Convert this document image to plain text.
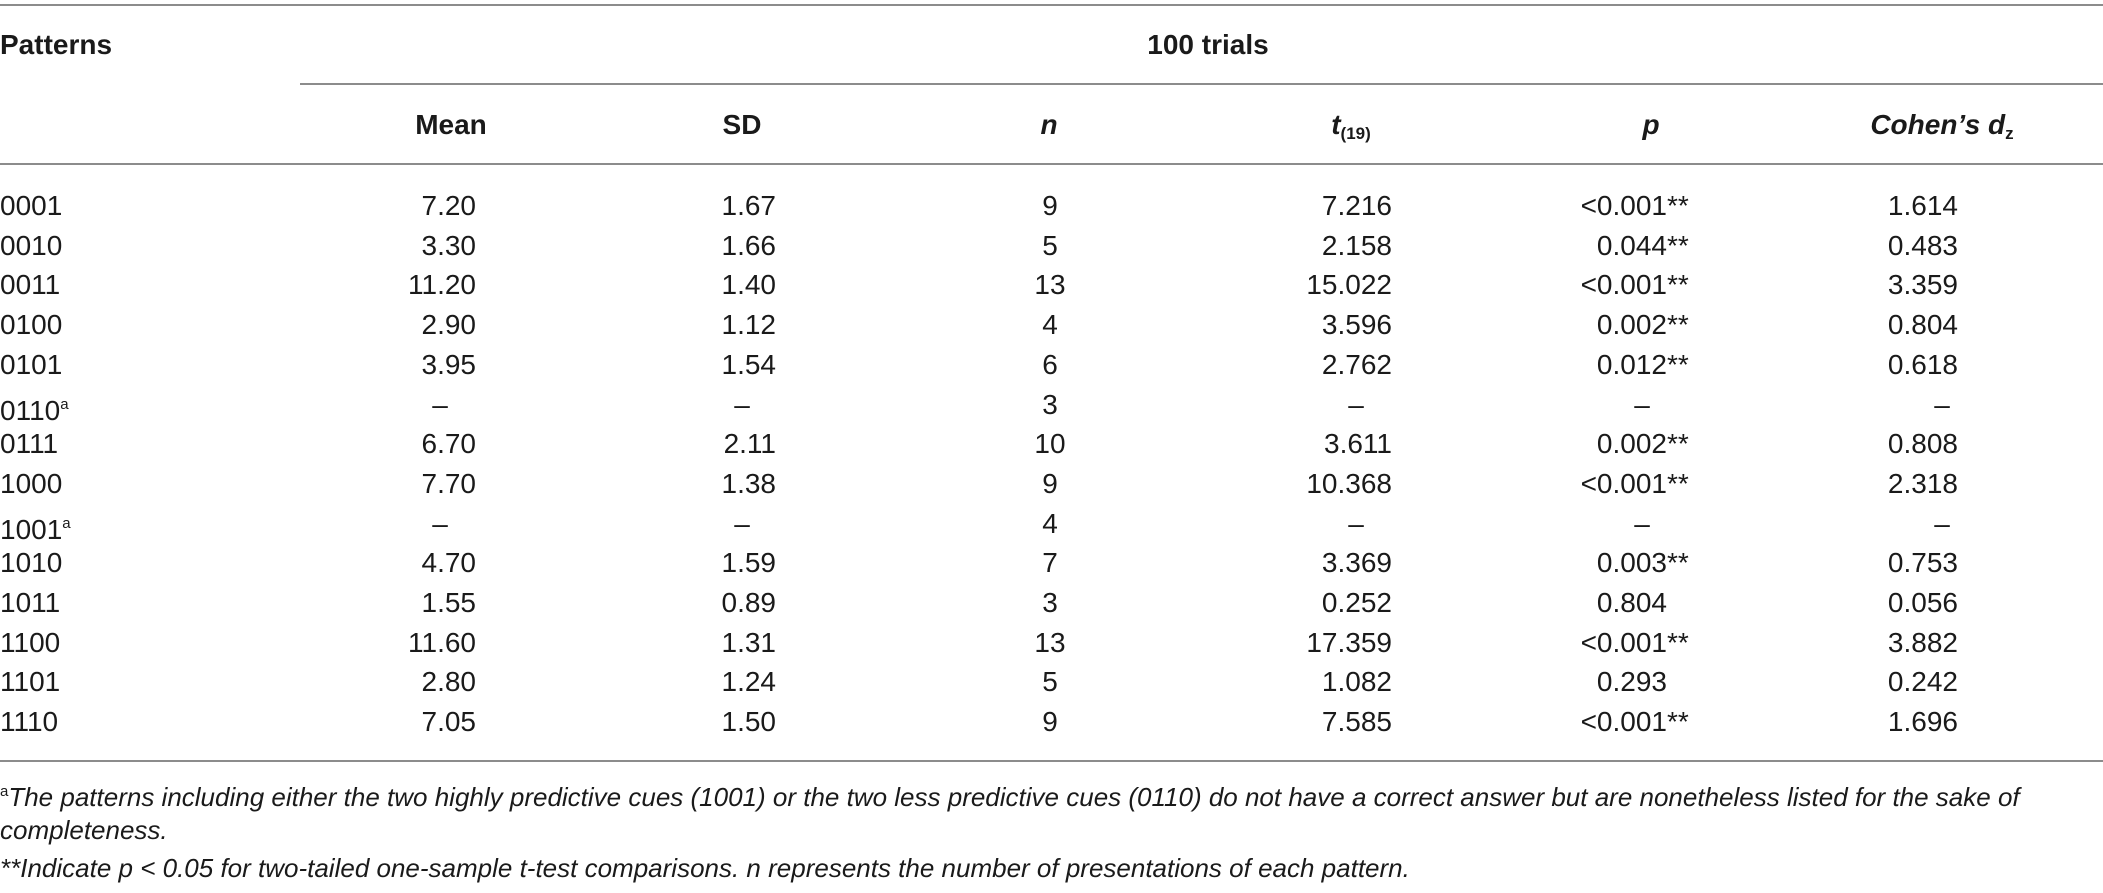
Patterns	100 trials
Mean	SD	n	$t_{(19)}$	p	Cohen’s $d_z$
0001	7.20	1.67	9	7.216	<0.001**	1.614
0010	3.30	1.66	5	2.158	0.044**	0.483
0011	11.20	1.40	13	15.022	<0.001**	3.359
0100	2.90	1.12	4	3.596	0.002**	0.804
0101	3.95	1.54	6	2.762	0.012**	0.618
0110$^a$	–	–	3	–	–	–
0111	6.70	2.11	10	3.611	0.002**	0.808
1000	7.70	1.38	9	10.368	<0.001**	2.318
1001$^a$	–	–	4	–	–	–
1010	4.70	1.59	7	3.369	0.003**	0.753
1011	1.55	0.89	3	0.252	0.804	0.056
1100	11.60	1.31	13	17.359	<0.001**	3.882
1101	2.80	1.24	5	1.082	0.293	0.242
1110	7.05	1.50	9	7.585	<0.001**	1.696
$^a$The patterns including either the two highly predictive cues (1001) or the two less predictive cues (0110) do not have a correct answer but are nonetheless listed for the sake of
completeness.
**Indicate p < 0.05 for two-tailed one-sample t-test comparisons. n represents the number of presentations of each pattern.
